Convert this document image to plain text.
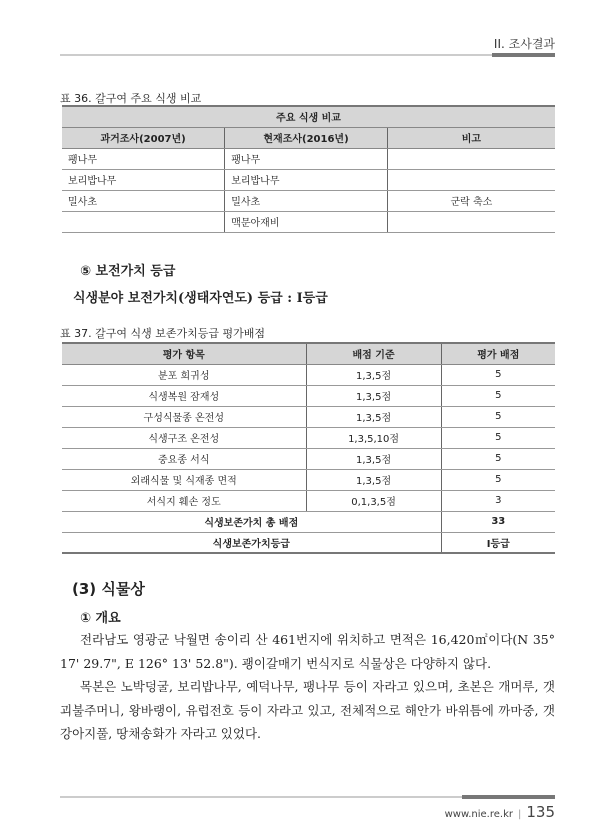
II. 조사결과
표 36. 갈구여 주요 식생 비교
주요 식생 비교		
과거조사(2007년)	현재조사(2016년)	비고
팽나무	팽나무	
보리밥나무	보리밥나무	
밀사초	밀사초	군락 축소
	맥문아재비	
⑤ 보전가치 등급
식생분야 보전가치(생태자연도) 등급 : Ⅰ등급
표 37. 갈구여 식생 보존가치등급 평가배점
평가 항목	배점 기준	평가 배점
분포 희귀성	1,3,5점	5
식생복원 잠재성	1,3,5점	5
구성식물종 온전성	1,3,5점	5
식생구조 온전성	1,3,5,10점	5
중요종 서식	1,3,5점	5
외래식물 및 식재종 면적	1,3,5점	5
서식지 훼손 정도	0,1,3,5점	3
식생보존가치 총 배점		33
식생보존가치등급		Ⅰ등급
(3) 식물상
① 개요

전라남도 영광군 낙월면 송이리 산 461번지에 위치하고 면적은 16,420㎡이다(N 35° 17' 29.7", E 126° 13' 52.8"). 괭이갈매기 번식지로 식물상은 다양하지 않다.

목본은 노박덩굴, 보리밥나무, 예덕나무, 팽나무 등이 자라고 있으며, 초본은 개머루, 갯괴불주머니, 왕바랭이, 유럽전호 등이 자라고 있고, 전체적으로 해안가 바위틈에 까마중, 갯강아지풀, 땅채송화가 자라고 있었다.

www.nie.re.kr | 135
